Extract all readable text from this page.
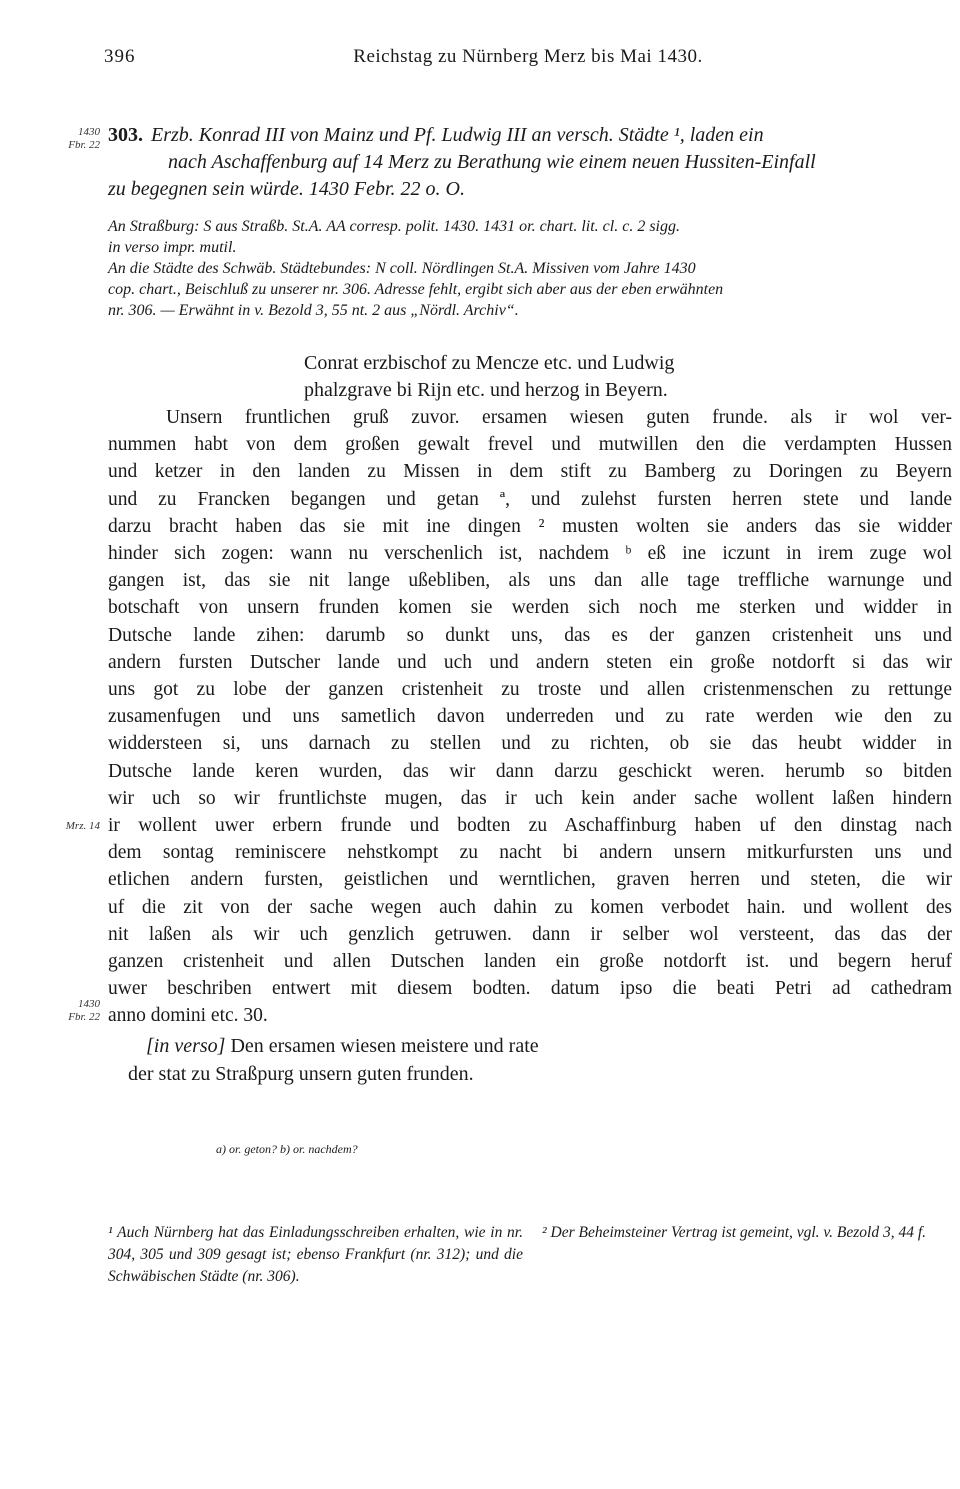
396	Reichstag zu Nürnberg Merz bis Mai 1430.
1430
Fbr. 22
Mrz. 14
1430
Fbr. 22

303. Erzb. Konrad III von Mainz und Pf. Ludwig III an versch. Städte ¹, laden ein

nach Aschaffenburg auf 14 Merz zu Berathung wie einem neuen Hussiten-Einfall

zu begegnen sein würde. 1430 Febr. 22 o. O.

An Straßburg: S aus Straßb. St.A. AA corresp. polit. 1430. 1431 or. chart. lit. cl. c. 2 sigg.

in verso impr. mutil.

An die Städte des Schwäb. Städtebundes: N coll. Nördlingen St.A. Missiven vom Jahre 1430

cop. chart., Beischluß zu unserer nr. 306. Adresse fehlt, ergibt sich aber aus der eben erwähnten

nr. 306. — Erwähnt in v. Bezold 3, 55 nt. 2 aus „Nördl. Archiv“.

Conrat erzbischof zu Mencze etc. und Ludwig
phalzgrave bi Rijn etc. und herzog in Beyern.
Unsern fruntlichen gruß zuvor. ersamen wiesen guten frunde. als ir wol ver-
nummen habt von dem großen gewalt frevel und mutwillen den die verdampten Hussen
und ketzer in den landen zu Missen in dem stift zu Bamberg zu Doringen zu Beyern
und zu Francken begangen und getan ª, und zulehst fursten herren stete und lande
darzu bracht haben das sie mit ine dingen ² musten wolten sie anders das sie widder
hinder sich zogen: wann nu verschenlich ist, nachdem ᵇ eß ine iczunt in irem zuge wol
gangen ist, das sie nit lange ußebliben, als uns dan alle tage treffliche warnunge und
botschaft von unsern frunden komen sie werden sich noch me sterken und widder in
Dutsche lande zihen: darumb so dunkt uns, das es der ganzen cristenheit uns und
andern fursten Dutscher lande und uch und andern steten ein große notdorft si das wir
uns got zu lobe der ganzen cristenheit zu troste und allen cristenmenschen zu rettunge
zusamenfugen und uns sametlich davon underreden und zu rate werden wie den zu
widdersteen si, uns darnach zu stellen und zu richten, ob sie das heubt widder in
Dutsche lande keren wurden, das wir dann darzu geschickt weren. herumb so bitden
wir uch so wir fruntlichste mugen, das ir uch kein ander sache wollent laßen hindern
ir wollent uwer erbern frunde und bodten zu Aschaffinburg haben uf den dinstag nach
dem sontag reminiscere nehstkompt zu nacht bi andern unsern mitkurfursten uns und
etlichen andern fursten, geistlichen und werntlichen, graven herren und steten, die wir
uf die zit von der sache wegen auch dahin zu komen verbodet hain. und wollent des
nit laßen als wir uch genzlich getruwen. dann ir selber wol versteent, das das der
ganzen cristenheit und allen Dutschen landen ein große notdorft ist. und begern heruf
uwer beschriben entwert mit diesem bodten. datum ipso die beati Petri ad cathedram
anno domini etc. 30.
[in verso] Den ersamen wiesen meistere und rate
der stat zu Straßpurg unsern guten frunden.
a) or. geton? b) or. nachdem?

¹ Auch Nürnberg hat das Einladungsschreiben erhalten, wie in nr. 304, 305 und 309 gesagt ist; ebenso Frankfurt (nr. 312); und die Schwäbischen Städte (nr. 306).

² Der Beheimsteiner Vertrag ist gemeint, vgl. v. Bezold 3, 44 f.
